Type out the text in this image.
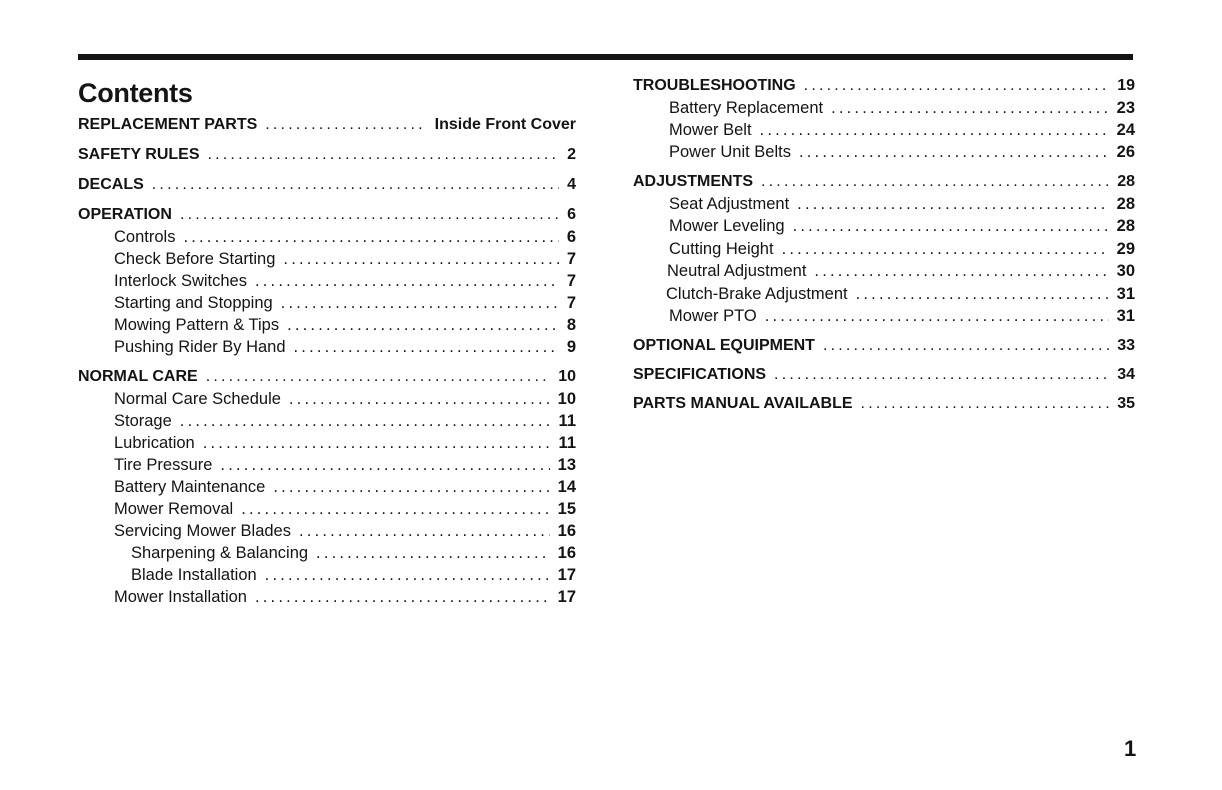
Contents
REPLACEMENT PARTS .....	Inside Front Cover
SAFETY RULES .....	2
DECALS .....	4
OPERATION .....	6
Controls .....	6
Check Before Starting .....	7
Interlock Switches .....	7
Starting and Stopping .....	7
Mowing Pattern & Tips .....	8
Pushing Rider By Hand .....	9
NORMAL CARE .....	10
Normal Care Schedule .....	10
Storage .....	11
Lubrication .....	11
Tire Pressure .....	13
Battery Maintenance .....	14
Mower Removal .....	15
Servicing Mower Blades .....	16
Sharpening & Balancing .....	16
Blade Installation .....	17
Mower Installation .....	17
TROUBLESHOOTING .....	19
Battery Replacement .....	23
Mower Belt .....	24
Power Unit Belts .....	26
ADJUSTMENTS .....	28
Seat Adjustment .....	28
Mower Leveling .....	28
Cutting Height .....	29
Neutral Adjustment .....	30
Clutch-Brake Adjustment .....	31
Mower PTO .....	31
OPTIONAL EQUIPMENT .....	33
SPECIFICATIONS .....	34
PARTS MANUAL AVAILABLE .....	35
1
